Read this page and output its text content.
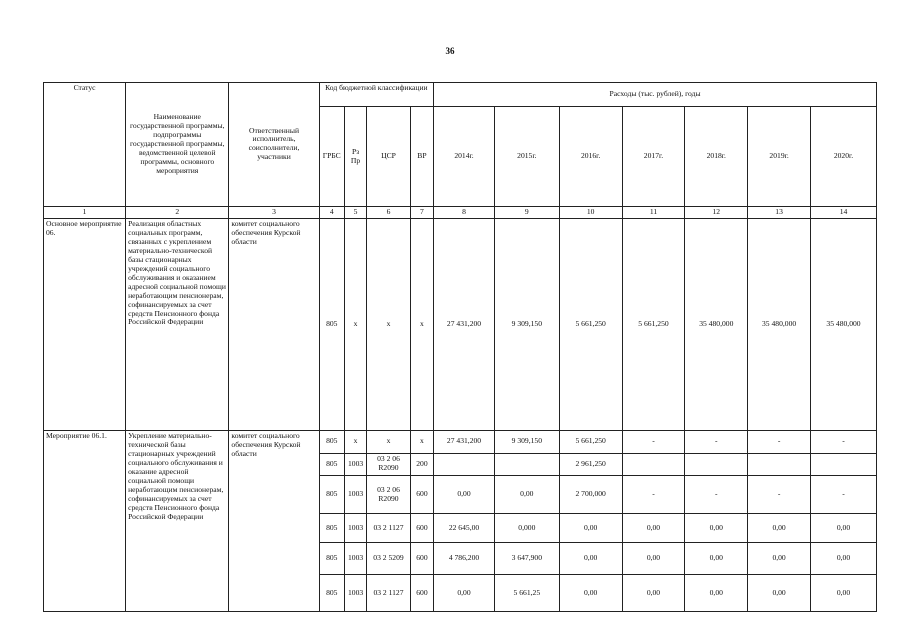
36
Статус	Наименование государственной программы, подпрограммы государственной программы, ведомственной целевой программы, основного мероприятия	Ответственный исполнитель, соисполнители, участники	Код бюджетной классификации				Расходы (тыс. рублей), годы						
			ГРБС	Рз Пр	ЦСР	ВР	2014г.	2015г.	2016г.	2017г.	2018г.	2019г.	2020г.
1	2	3	4	5	6	7	8	9	10	11	12	13	14
Основное мероприятие 06.	Реализация областных социальных программ, связанных с укреплением материально-технической базы стационарных учреждений социального обслуживания и оказанием адресной социальной помощи неработающим пенсионерам, софинансируемых за счет средств Пенсионного фонда Российской Федерации	комитет социального обеспечения Курской области	805	х	х	х	27 431,200	9 309,150	5 661,250	5 661,250	35 480,000	35 480,000	35 480,000
Мероприятие 06.1.	Укрепление материально-технической базы стационарных учреждений социального обслуживания и оказание адресной социальной помощи неработающим пенсионерам, софинансируемых за счет средств Пенсионного фонда Российской Федерации	комитет социального обеспечения Курской области	805	х	х	х	27 431,200	9 309,150	5 661,250	-	-	-	-
			805	1003	03 2 06 R2090	200			2 961,250				
			805	1003	03 2 06 R2090	600	0,00	0,00	2 700,000	-	-	-	-
			805	1003	03 2 1127	600	22 645,00	0,000	0,00	0,00	0,00	0,00	0,00
			805	1003	03 2 5209	600	4 786,200	3 647,900	0,00	0,00	0,00	0,00	0,00
			805	1003	03 2 1127	600	0,00	5 661,25	0,00	0,00	0,00	0,00	0,00
